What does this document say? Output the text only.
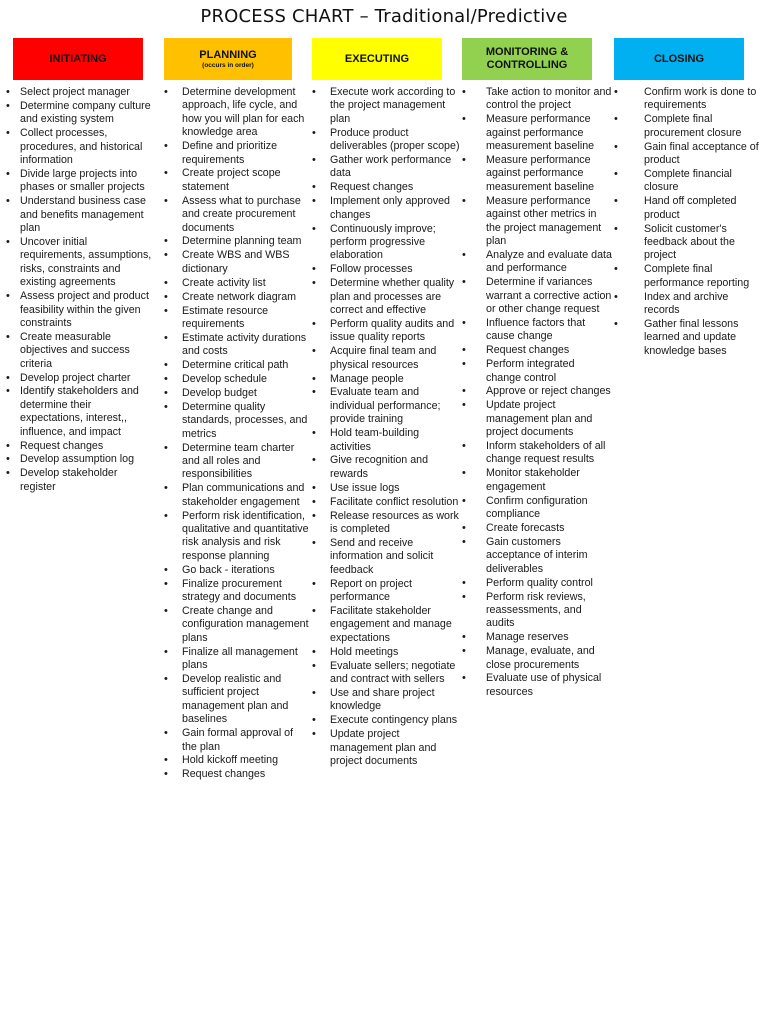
PROCESS CHART – Traditional/Predictive
INITIATING
• Select project manager
• Determine company culture and existing system
• Collect processes, procedures, and historical information
• Divide large projects into phases or smaller projects
• Understand business case and benefits management plan
• Uncover initial requirements, assumptions, risks, constraints and existing agreements
• Assess project and product feasibility within the given constraints
• Create measurable objectives and success criteria
• Develop project charter
• Identify stakeholders and determine their expectations, interest,, influence, and impact
• Request changes
• Develop assumption log
• Develop stakeholder register
PLANNING
(occurs in order)
• Determine development approach, life cycle, and how you will plan for each knowledge area
• Define and prioritize requirements
• Create project scope statement
• Assess what to purchase and create procurement documents
• Determine planning team
• Create WBS and WBS dictionary
• Create activity list
• Create network diagram
• Estimate resource requirements
• Estimate activity durations and costs
• Determine critical path
• Develop schedule
• Develop budget
• Determine quality standards, processes, and metrics
• Determine team charter and all roles and responsibilities
• Plan communications and stakeholder engagement
• Perform risk identification, qualitative and quantitative risk analysis and risk response planning
• Go back - iterations
• Finalize procurement strategy and documents
• Create change and configuration management plans
• Finalize all management plans
• Develop realistic and sufficient project management plan and baselines
• Gain formal approval of the plan
• Hold kickoff meeting
• Request changes
EXECUTING
• Execute work according to the project management plan
• Produce product deliverables (proper scope)
• Gather work performance data
• Request changes
• Implement only approved changes
• Continuously improve; perform progressive elaboration
• Follow processes
• Determine whether quality plan and processes are correct and effective
• Perform quality audits and issue quality reports
• Acquire final team and physical resources
• Manage people
• Evaluate team and individual performance; provide training
• Hold team-building activities
• Give recognition and rewards
• Use issue logs
• Facilitate conflict resolution
• Release resources as work is completed
• Send and receive information and solicit feedback
• Report on project performance
• Facilitate stakeholder engagement and manage expectations
• Hold meetings
• Evaluate sellers; negotiate and contract with sellers
• Use and share project knowledge
• Execute contingency plans
• Update project management plan and project documents
MONITORING & CONTROLLING
• Take action to monitor and control the project
• Measure performance against performance measurement baseline
• Measure performance against performance measurement baseline
• Measure performance against other metrics in the project management plan
• Analyze and evaluate data and performance
• Determine if variances warrant a corrective action or other change request
• Influence factors that cause change
• Request changes
• Perform integrated change control
• Approve or reject changes
• Update project management plan and project documents
• Inform stakeholders of all change request results
• Monitor stakeholder engagement
• Confirm configuration compliance
• Create forecasts
• Gain customers acceptance of interim deliverables
• Perform quality control
• Perform risk reviews, reassessments, and audits
• Manage reserves
• Manage, evaluate, and close procurements
• Evaluate use of physical resources
CLOSING
• Confirm work is done to requirements
• Complete final procurement closure
• Gain final acceptance of product
• Complete financial closure
• Hand off completed product
• Solicit customer's feedback about the project
• Complete final performance reporting
• Index and archive records
• Gather final lessons learned and update knowledge bases
